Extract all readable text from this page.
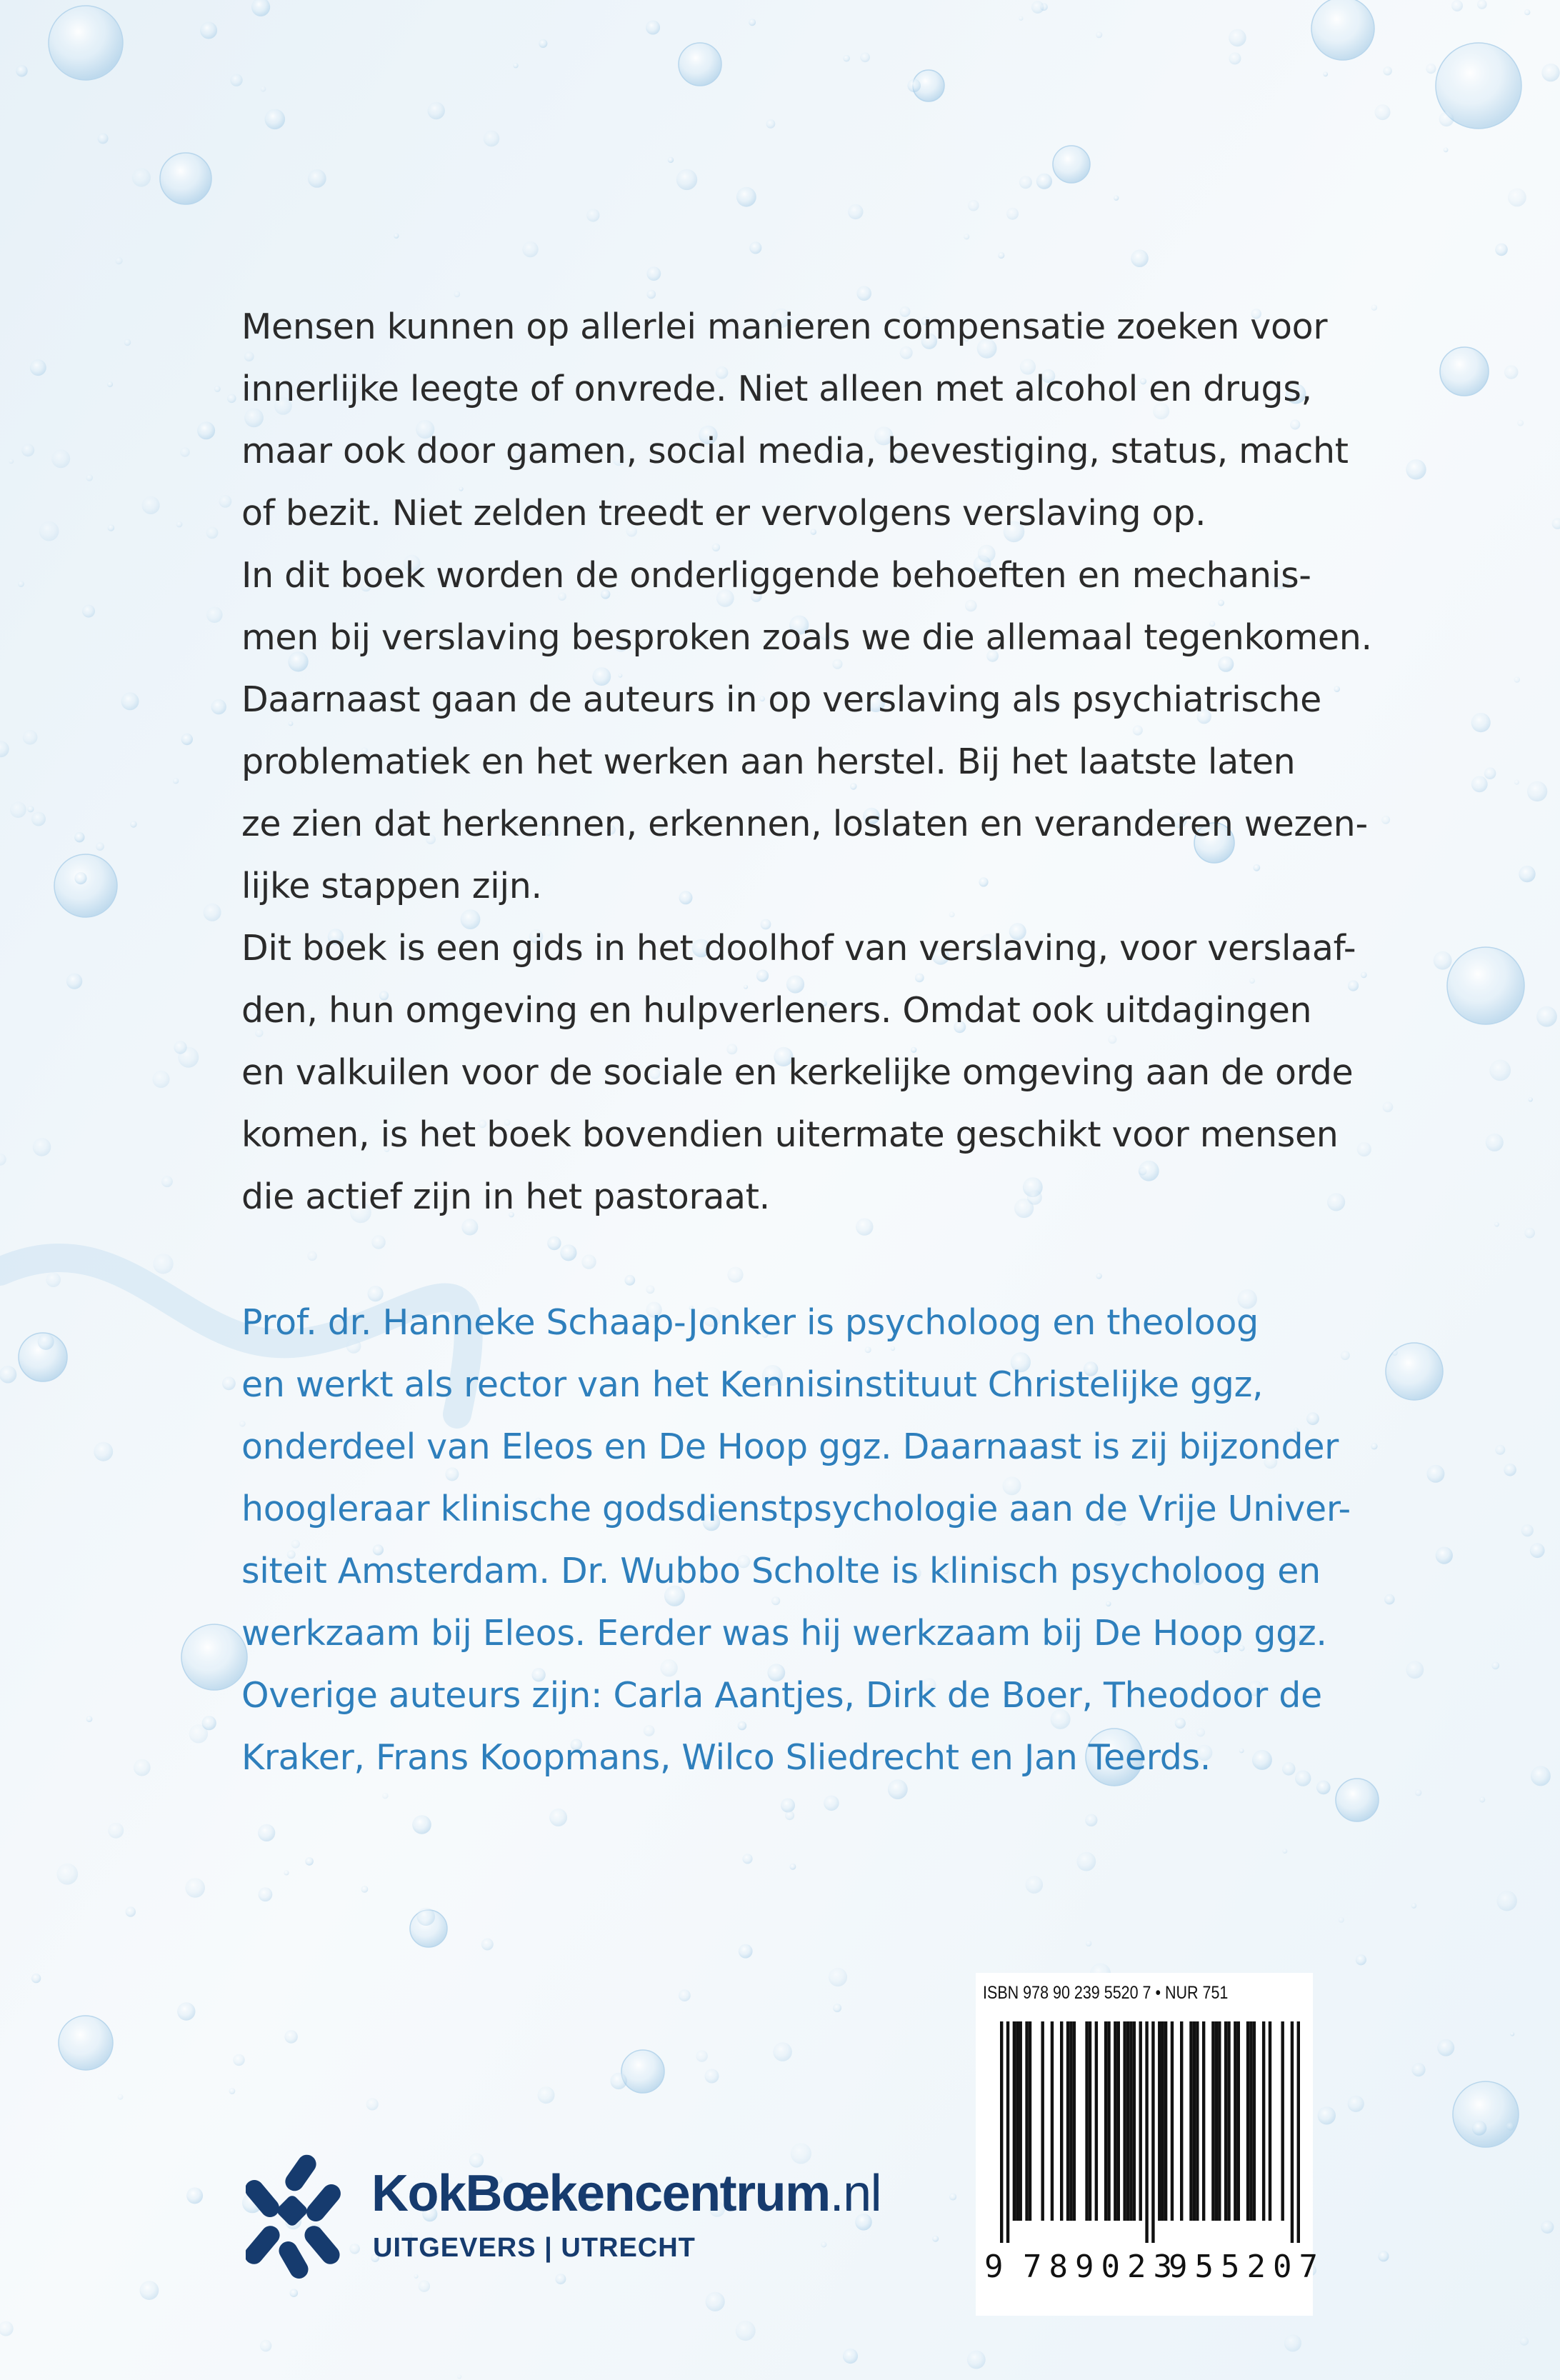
Mensen kunnen op allerlei manieren compensatie zoeken voor
innerlijke leegte of onvrede. Niet alleen met alcohol en drugs,
maar ook door gamen, social media, bevestiging, status, macht
of bezit. Niet zelden treedt er vervolgens verslaving op.
In dit boek worden de onderliggende behoeften en mechanis-
men bij verslaving besproken zoals we die allemaal tegenkomen.
Daarnaast gaan de auteurs in op verslaving als psychiatrische
problematiek en het werken aan herstel. Bij het laatste laten
ze zien dat herkennen, erkennen, loslaten en veranderen wezen-
lijke stappen zijn.
Dit boek is een gids in het doolhof van verslaving, voor verslaaf-
den, hun omgeving en hulpverleners. Omdat ook uitdagingen
en valkuilen voor de sociale en kerkelijke omgeving aan de orde
komen, is het boek bovendien uitermate geschikt voor mensen
die actief zijn in het pastoraat.

Prof. dr. Hanneke Schaap-Jonker is psycholoog en theoloog
en werkt als rector van het Kennisinstituut Christelijke ggz,
onderdeel van Eleos en De Hoop ggz. Daarnaast is zij bijzonder
hoogleraar klinische godsdienstpsychologie aan de Vrije Univer-
siteit Amsterdam. Dr. Wubbo Scholte is klinisch psycholoog en
werkzaam bij Eleos. Eerder was hij werkzaam bij De Hoop ggz.
Overige auteurs zijn: Carla Aantjes, Dirk de Boer, Theodoor de
Kraker, Frans Koopmans, Wilco Sliedrecht en Jan Teerds.

KokBœkencentrum.nl
UITGEVERS | UTRECHT
ISBN 978 90 239 5520 7 • NUR 751
9 789023
955207
